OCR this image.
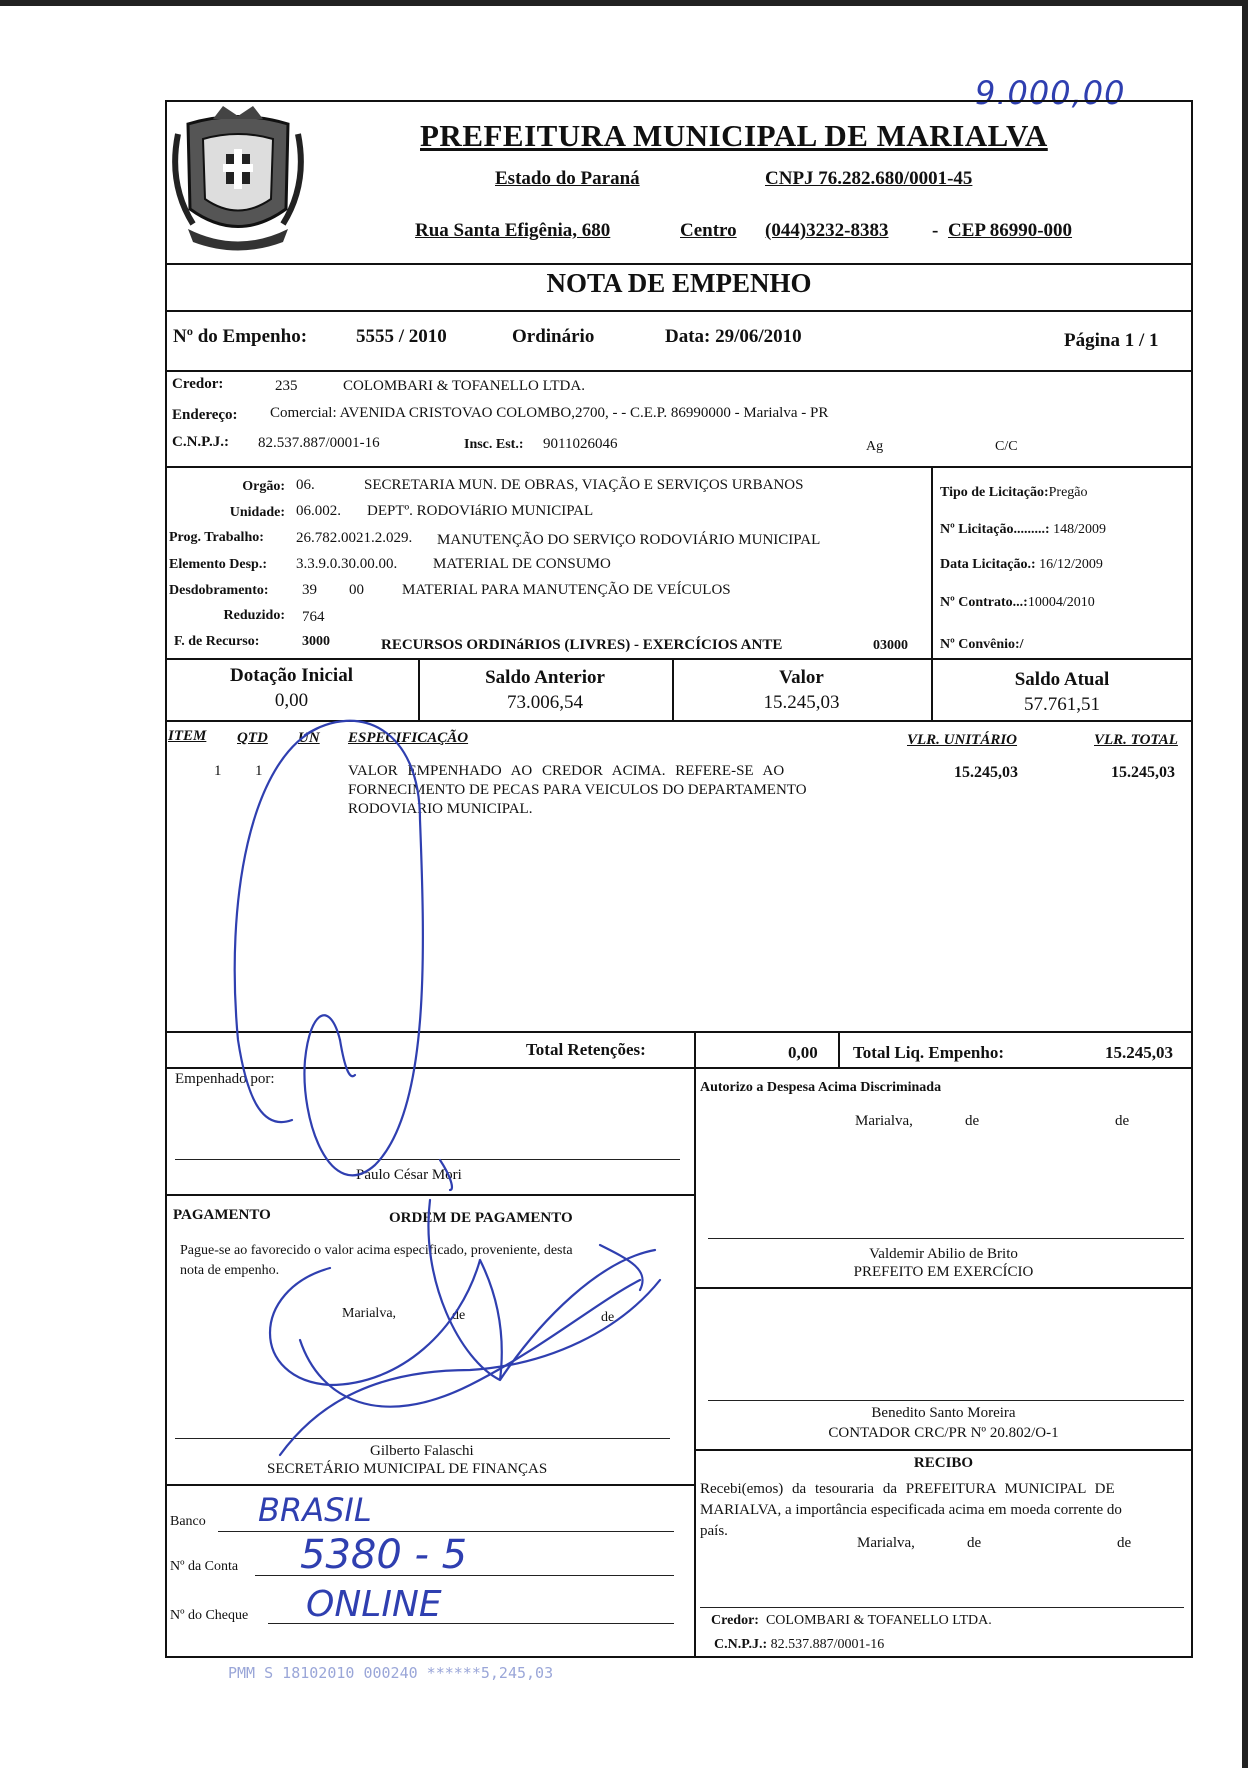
9.000,00
PREFEITURA MUNICIPAL DE MARIALVA
Estado do Paraná	CNPJ 76.282.680/0001-45
Rua Santa Efigênia, 680	Centro (044)3232-8383 - CEP 86990-000
NOTA DE EMPENHO
Nº do Empenho:	5555 / 2010	Ordinário	Data: 29/06/2010	Página 1 / 1
Credor:	235	COLOMBARI & TOFANELLO LTDA.
Endereço: Comercial: AVENIDA CRISTOVAO COLOMBO,2700, - - C.E.P. 86990000 - Marialva - PR
C.N.P.J.: 82.537.887/0001-16	Insc. Est.: 9011026046	Ag	C/C
Orgão: 06.	SECRETARIA MUN. DE OBRAS, VIAÇÃO E SERVIÇOS URBANOS
Unidade: 06.002. DEPTº. RODOVIáRIO MUNICIPAL
Prog. Trabalho: 26.782.0021.2.029. MANUTENÇÃO DO SERVIÇO RODOVIÁRIO MUNICIPAL
Elemento Desp.: 3.3.9.0.30.00.00. MATERIAL DE CONSUMO
Desdobramento: 39 00	MATERIAL PARA MANUTENÇÃO DE VEÍCULOS
Reduzido: 764
F. de Recurso:	3000	RECURSOS ORDINáRIOS (LIVRES) - EXERCÍCIOS ANTE	03000
Tipo de Licitação:Pregão
Nº Licitação.........: 148/2009
Data Licitação.: 16/12/2009
Nº Contrato...:10004/2010
Nº Convênio:/
Dotação Inicial
0,00
Saldo Anterior
73.006,54
Valor
15.245,03
Saldo Atual
57.761,51
ITEM QTD UN ESPECIFICAÇÃO	VLR. UNITÁRIO	VLR. TOTAL
1 1	VALOR EMPENHADO AO CREDOR ACIMA. REFERE-SE AO
FORNECIMENTO DE PECAS PARA VEICULOS DO DEPARTAMENTO
RODOVIARIO MUNICIPAL.
15.245,03	15.245,03
Total Retenções:	0,00 Total Liq. Empenho:	15.245,03
Empenhado por:
Paulo César Mori
PAGAMENTO	ORDEM DE PAGAMENTO
Pague-se ao favorecido o valor acima especificado, proveniente, desta
nota de empenho.
Marialva,	de	de
Gilberto Falaschi
SECRETÁRIO MUNICIPAL DE FINANÇAS
Banco BRASIL
Nº da Conta 5380 - 5
Nº do Cheque ONLINE
Autorizo a Despesa Acima Discriminada
Marialva,	de	de
Valdemir Abilio de Brito
PREFEITO EM EXERCÍCIO
Benedito Santo Moreira
CONTADOR CRC/PR Nº 20.802/O-1
RECIBO
Recebi(emos) da tesouraria da PREFEITURA MUNICIPAL DE
MARIALVA, a importância especificada acima em moeda corrente do
país.
Marialva,	de	de
Credor: COLOMBARI & TOFANELLO LTDA.
C.N.P.J.: 82.537.887/0001-16
PMM S 18102010 000240 ******5,245,03
